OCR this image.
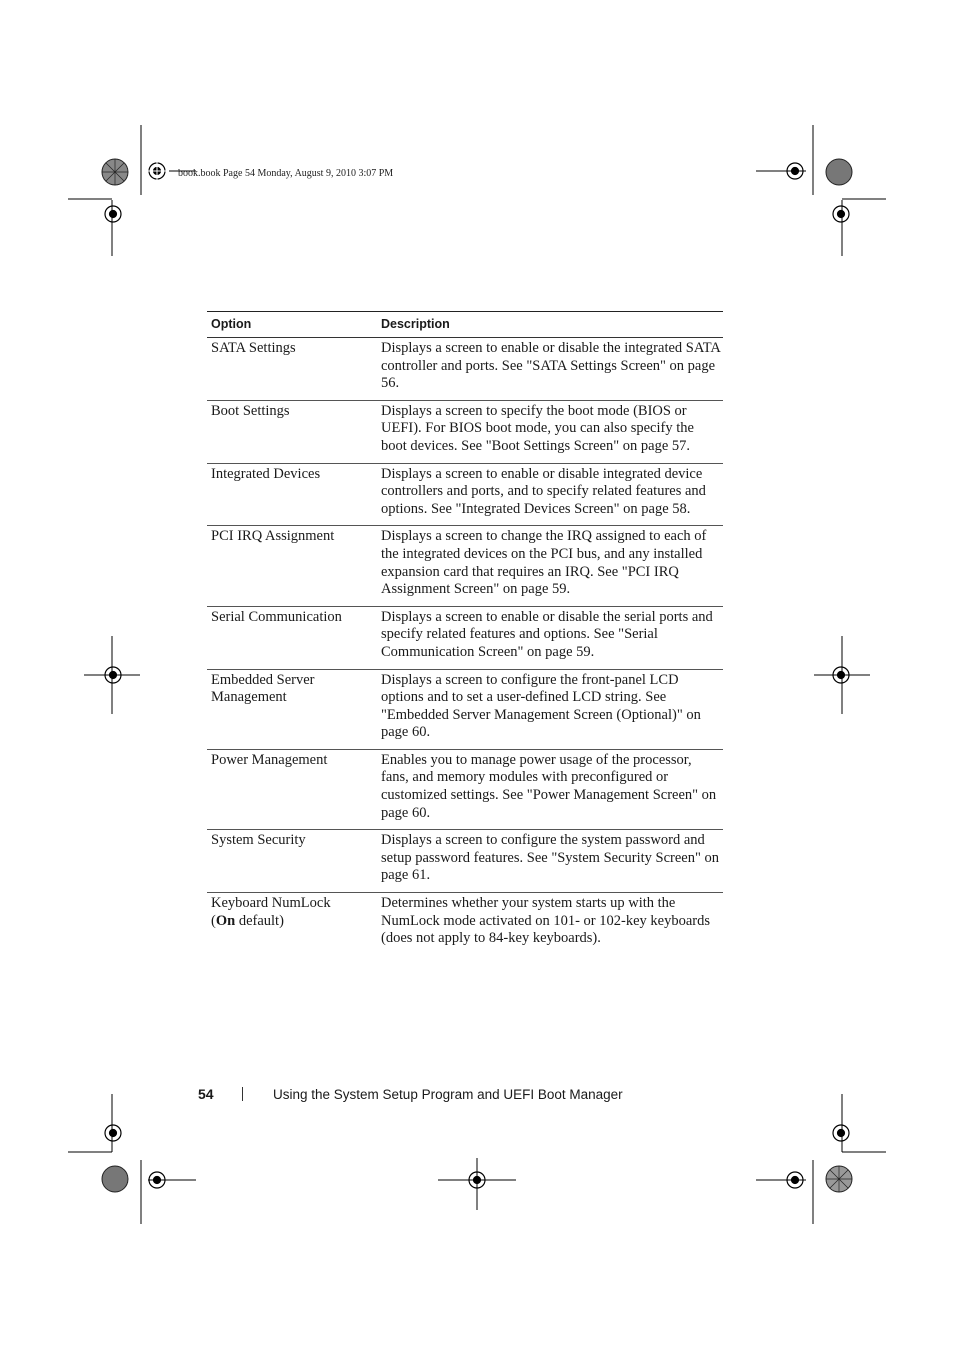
book.book Page 54 Monday, August 9, 2010 3:07 PM
Option	Description
SATA Settings	Displays a screen to enable or disable the integrated SATA controller and ports. See "SATA Settings Screen" on page 56.
Boot Settings	Displays a screen to specify the boot mode (BIOS or UEFI). For BIOS boot mode, you can also specify the boot devices. See "Boot Settings Screen" on page 57.
Integrated Devices	Displays a screen to enable or disable integrated device controllers and ports, and to specify related features and options. See "Integrated Devices Screen" on page 58.
PCI IRQ Assignment	Displays a screen to change the IRQ assigned to each of the integrated devices on the PCI bus, and any installed expansion card that requires an IRQ. See "PCI IRQ Assignment Screen" on page 59.
Serial Communication	Displays a screen to enable or disable the serial ports and specify related features and options. See "Serial Communication Screen" on page 59.
Embedded Server Management	Displays a screen to configure the front-panel LCD options and to set a user-defined LCD string. See "Embedded Server Management Screen (Optional)" on page 60.
Power Management	Enables you to manage power usage of the processor, fans, and memory modules with preconfigured or customized settings. See "Power Management Screen" on page 60.
System Security	Displays a screen to configure the system password and setup password features. See "System Security Screen" on page 61.
Keyboard NumLock
(On default)	Determines whether your system starts up with the NumLock mode activated on 101- or 102-key keyboards (does not apply to 84-key keyboards).
54	Using the System Setup Program and UEFI Boot Manager
